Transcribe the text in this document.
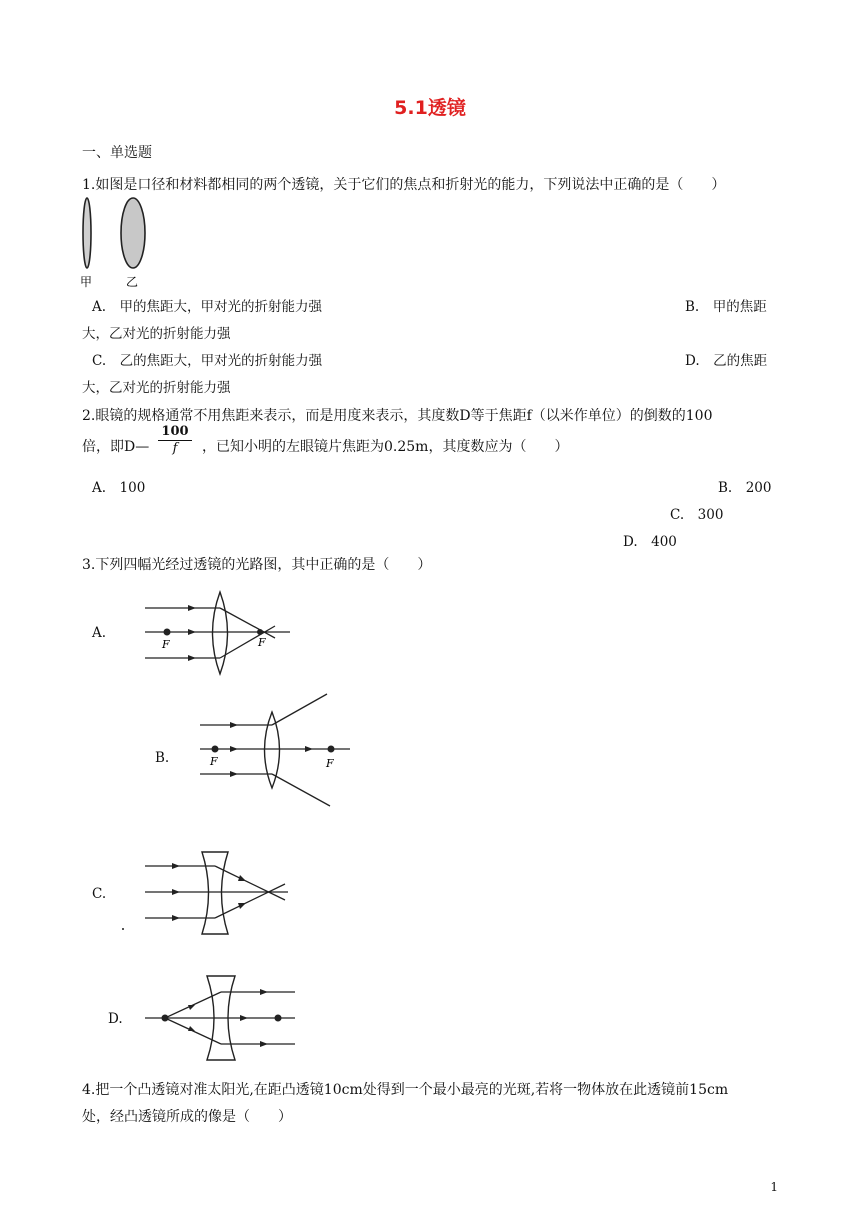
5.1透镜
一、单选题
1.如图是口径和材料都相同的两个透镜，关于它们的焦点和折射光的能力，下列说法中正确的是（　　）
甲	乙
A.　甲的焦距大，甲对光的折射能力强	B.　甲的焦距
大，乙对光的折射能力强
C.　乙的焦距大，甲对光的折射能力强	D.　乙的焦距
大，乙对光的折射能力强
2.眼镜的规格通常不用焦距来表示，而是用度来表示，其度数D等于焦距f（以米作单位）的倒数的100
倍，即D— $\frac{100}{f}$ ，已知小明的左眼镜片焦距为0.25m，其度数应为（　　）
A.　100	B.　200
C.　300
D.　400
3.下列四幅光经过透镜的光路图，其中正确的是（　　）
A.
F	F
B.	F	F
C.
D.
4.把一个凸透镜对准太阳光,在距凸透镜10cm处得到一个最小最亮的光斑,若将一物体放在此透镜前15cm
处，经凸透镜所成的像是（　　）
1
